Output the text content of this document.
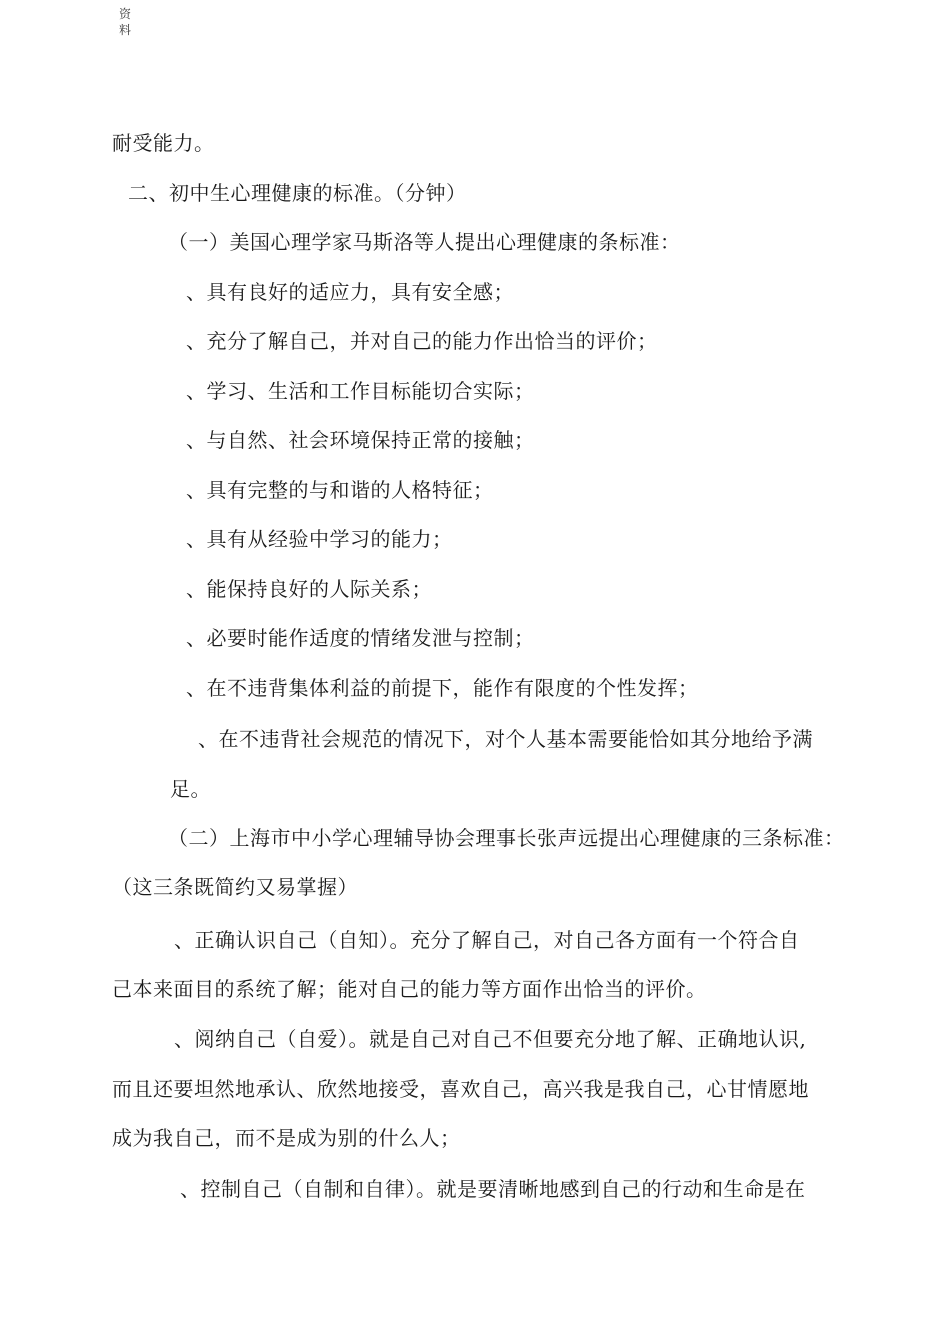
资料
耐受能力。
二、初中生心理健康的标准。（分钟）
（一）美国心理学家马斯洛等人提出心理健康的条标准：
、具有良好的适应力，具有安全感；
、充分了解自己，并对自己的能力作出恰当的评价；
、学习、生活和工作目标能切合实际；
、与自然、社会环境保持正常的接触；
、具有完整的与和谐的人格特征；
、具有从经验中学习的能力；
、能保持良好的人际关系；
、必要时能作适度的情绪发泄与控制；
、在不违背集体利益的前提下，能作有限度的个性发挥；
、在不违背社会规范的情况下，对个人基本需要能恰如其分地给予满
足。
（二）上海市中小学心理辅导协会理事长张声远提出心理健康的三条标准：
（这三条既简约又易掌握）
、正确认识自己（自知）。充分了解自己，对自己各方面有一个符合自
己本来面目的系统了解；能对自己的能力等方面作出恰当的评价。
、阅纳自己（自爱）。就是自己对自己不但要充分地了解、正确地认识,
而且还要坦然地承认、欣然地接受，喜欢自己，高兴我是我自己，心甘情愿地
成为我自己，而不是成为别的什么人；
、控制自己（自制和自律）。就是要清晰地感到自己的行动和生命是在
